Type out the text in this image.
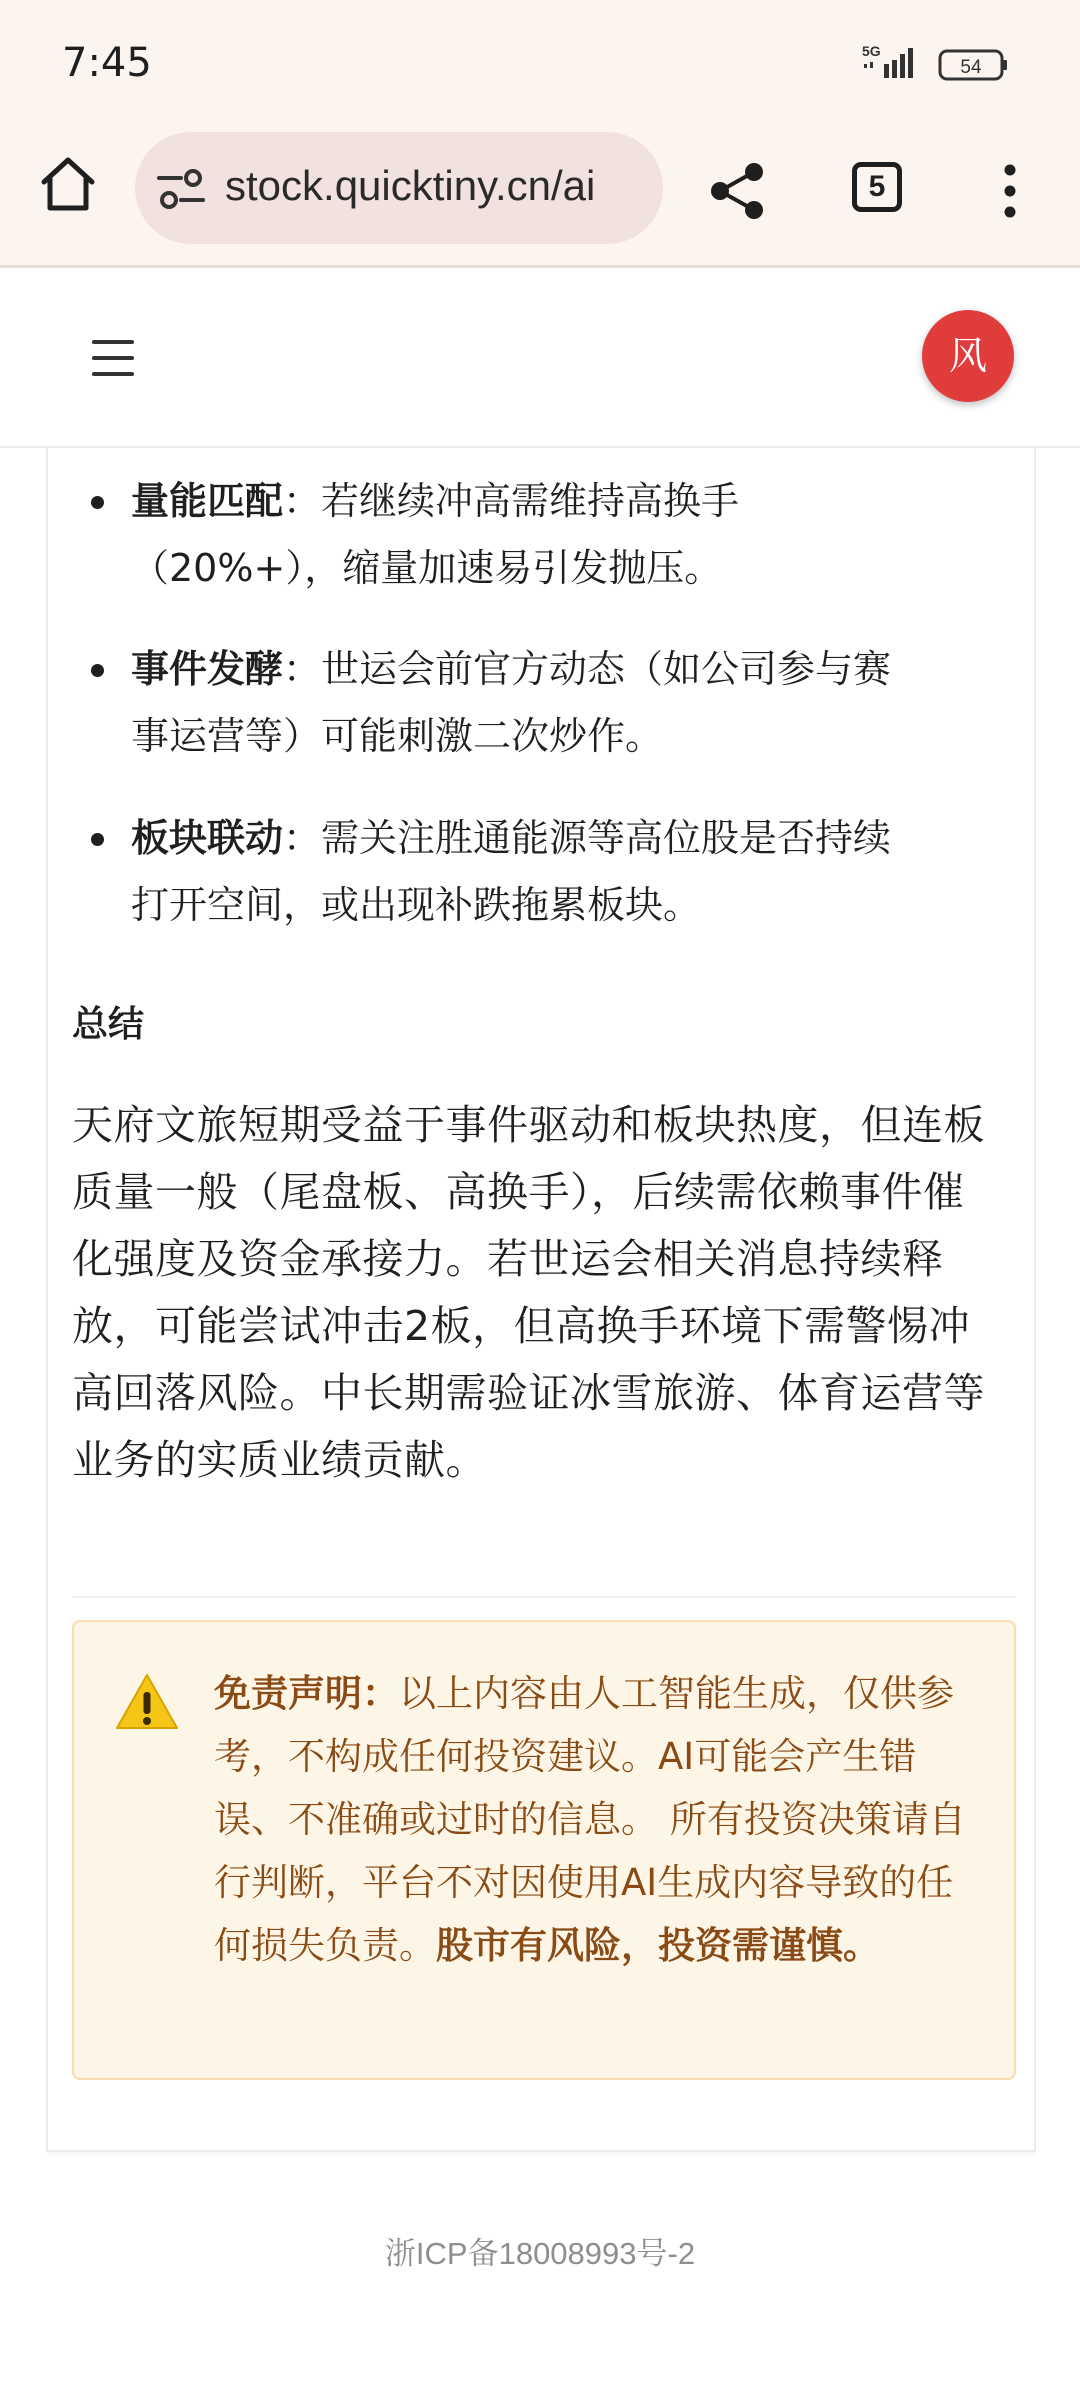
7:45	5G
54
stock.quicktiny.cn/ai	5
风
量能匹配：若继续冲高需维持高换手
（20%+），缩量加速易引发抛压。
事件发酵：世运会前官方动态（如公司参与赛
事运营等）可能刺激二次炒作。
板块联动：需关注胜通能源等高位股是否持续
打开空间，或出现补跌拖累板块。
总结
天府文旅短期受益于事件驱动和板块热度，但连板
质量一般（尾盘板、高换手），后续需依赖事件催
化强度及资金承接力。若世运会相关消息持续释
放，可能尝试冲击2板，但高换手环境下需警惕冲
高回落风险。中长期需验证冰雪旅游、体育运营等
业务的实质业绩贡献。
免责声明：以上内容由人工智能生成，仅供参考，不构成任何投资建议。AI可能会产生错误、不准确或过时的信息。 所有投资决策请自行判断，平台不对因使用AI生成内容导致的任何损失负责。股市有风险，投资需谨慎。
浙ICP备18008993号-2
